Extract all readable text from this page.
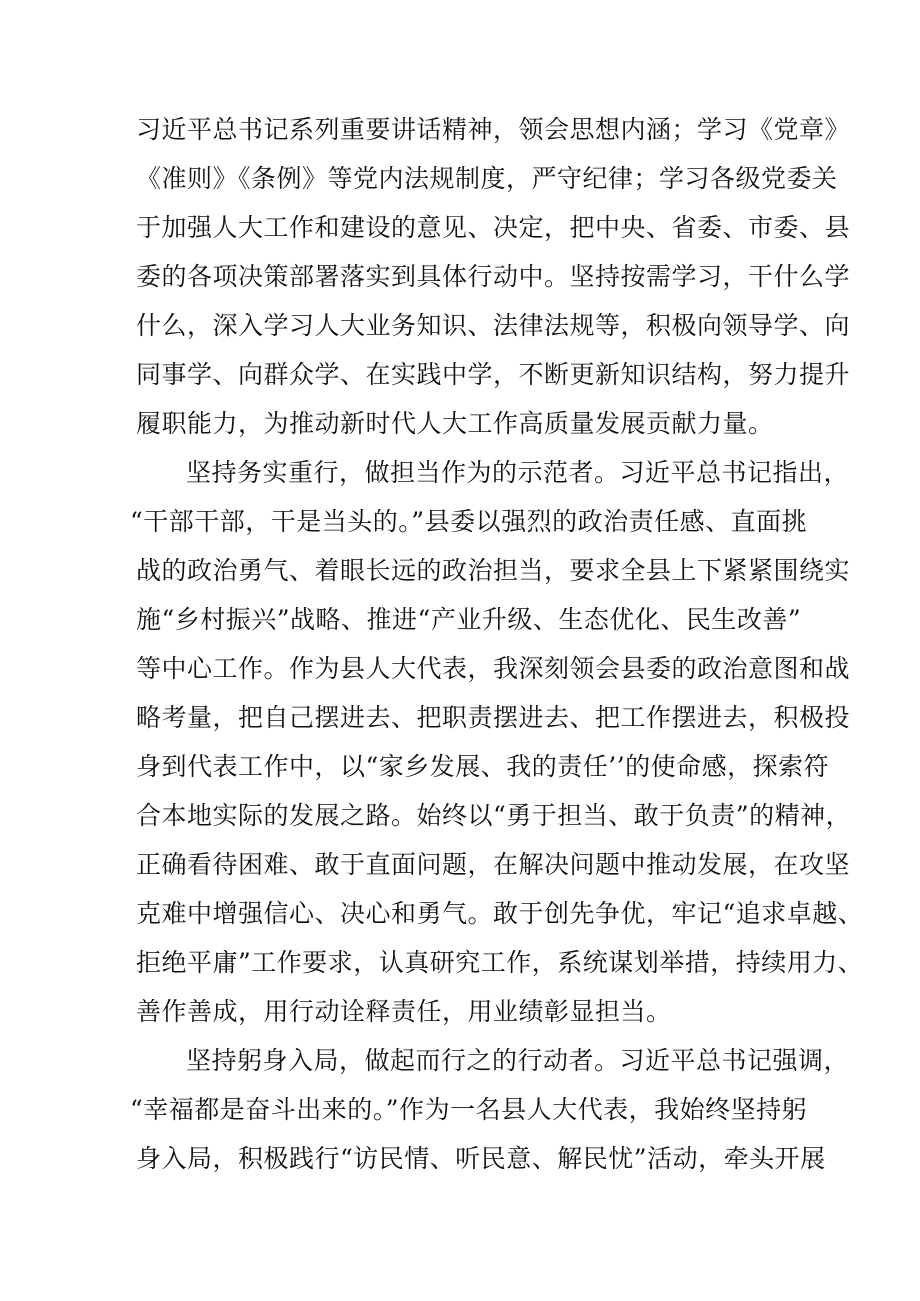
习近平总书记系列重要讲话精神，领会思想内涵；学习《党章》
《准则》《条例》等党内法规制度，严守纪律；学习各级党委关
于加强人大工作和建设的意见、决定，把中央、省委、市委、县
委的各项决策部署落实到具体行动中。坚持按需学习，干什么学
什么，深入学习人大业务知识、法律法规等，积极向领导学、向
同事学、向群众学、在实践中学，不断更新知识结构，努力提升
履职能力，为推动新时代人大工作高质量发展贡献力量。
坚持务实重行，做担当作为的示范者。习近平总书记指出，
“干部干部，干是当头的。”县委以强烈的政治责任感、直面挑
战的政治勇气、着眼长远的政治担当，要求全县上下紧紧围绕实
施“乡村振兴”战略、推进“产业升级、生态优化、民生改善”
等中心工作。作为县人大代表，我深刻领会县委的政治意图和战
略考量，把自己摆进去、把职责摆进去、把工作摆进去，积极投
身到代表工作中，以“家乡发展、我的责任’’的使命感，探索符
合本地实际的发展之路。始终以“勇于担当、敢于负责”的精神，
正确看待困难、敢于直面问题，在解决问题中推动发展，在攻坚
克难中增强信心、决心和勇气。敢于创先争优，牢记“追求卓越、
拒绝平庸”工作要求，认真研究工作，系统谋划举措，持续用力、
善作善成，用行动诠释责任，用业绩彰显担当。
坚持躬身入局，做起而行之的行动者。习近平总书记强调，
“幸福都是奋斗出来的。”作为一名县人大代表，我始终坚持躬
身入局，积极践行“访民情、听民意、解民忧”活动，牵头开展
